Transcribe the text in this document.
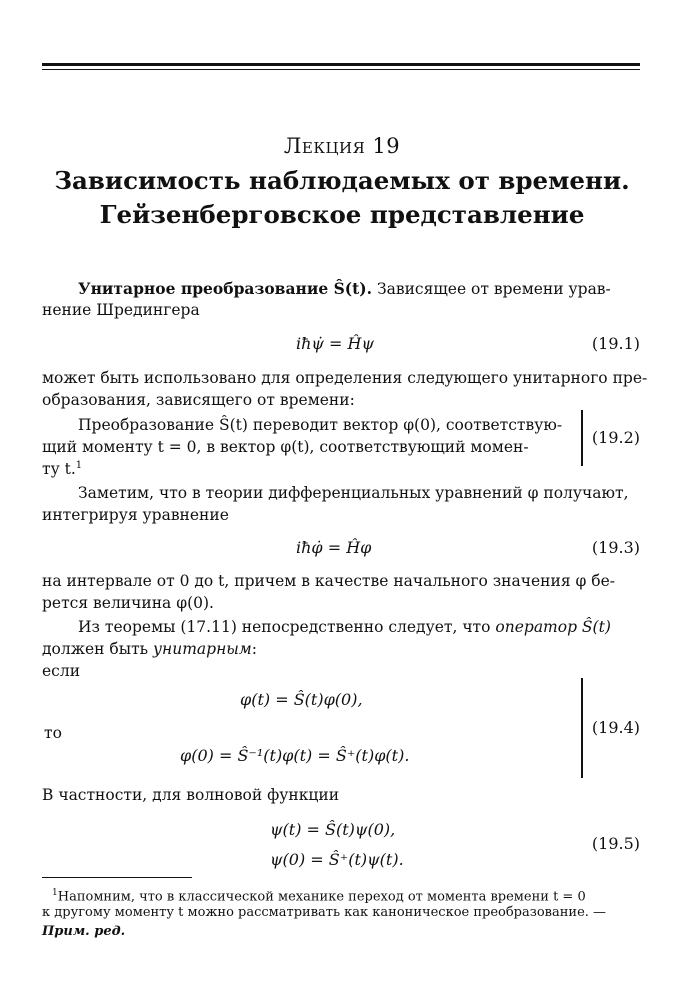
Лекция 19
Зависимость наблюдаемых от времени.
Гейзенберговское представление
Унитарное преобразование Ŝ(t). Зависящее от времени урав-
нение Шредингера
iħψ̇ = Ĥψ	(19.1)
может быть использовано для определения следующего унитарного пре-
образования, зависящего от времени:
Преобразование Ŝ(t) переводит вектор φ(0), соответствую-
щий моменту t = 0, в вектор φ(t), соответствующий момен-
ту t.$^1$
(19.2)
Заметим, что в теории дифференциальных уравнений φ получают,
интегрируя уравнение
iħφ̇ = Ĥφ	(19.3)
на интервале от 0 до t, причем в качестве начального значения φ бе-
рется величина φ(0).
Из теоремы (17.11) непосредственно следует, что оператор Ŝ(t)
должен быть унитарным:
если
φ(t) = Ŝ(t)φ(0),
то
φ(0) = Ŝ⁻¹(t)φ(t) = Ŝ⁺(t)φ(t).
(19.4)
В частности, для волновой функции
ψ(t) = Ŝ(t)ψ(0),
ψ(0) = Ŝ⁺(t)ψ(t).
(19.5)
$^1$Напомним, что в классической механике переход от момента времени t = 0
к другому моменту t можно рассматривать как каноническое преобразование. —
Прим. ред.
